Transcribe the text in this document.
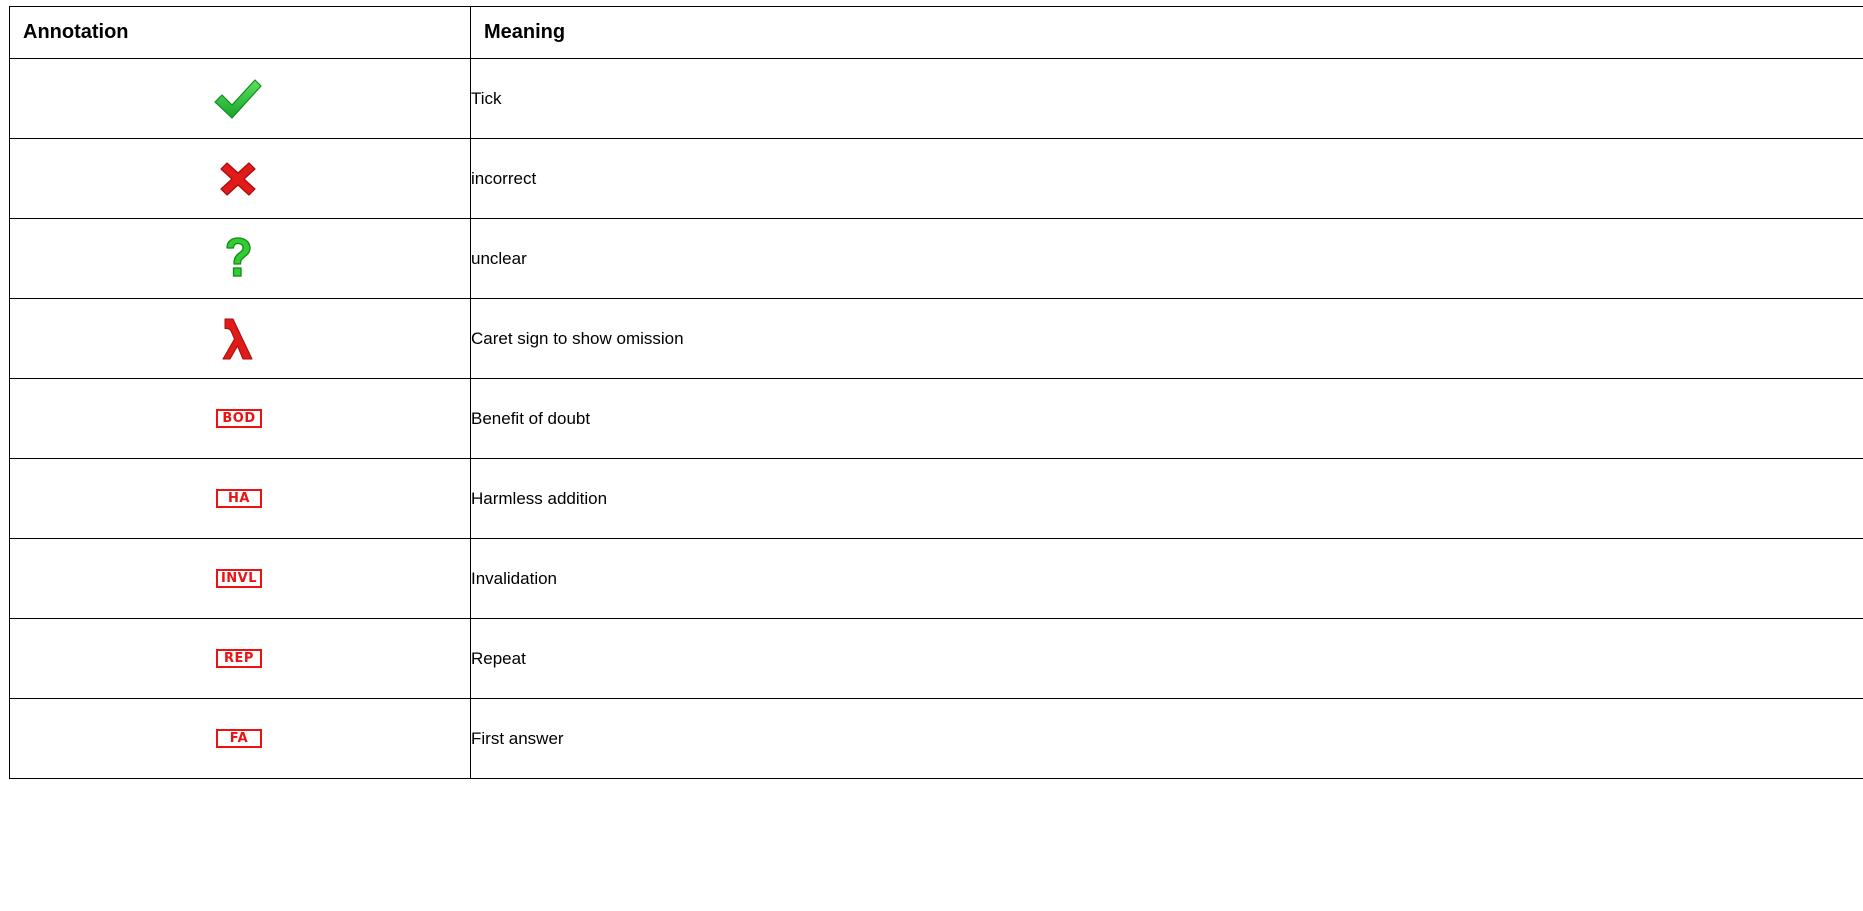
Annotation	Meaning

	Tick

	incorrect

	unclear

	Caret sign to show omission
BOD	Benefit of doubt
HA	Harmless addition
INVL	Invalidation
REP	Repeat
FA	First answer
